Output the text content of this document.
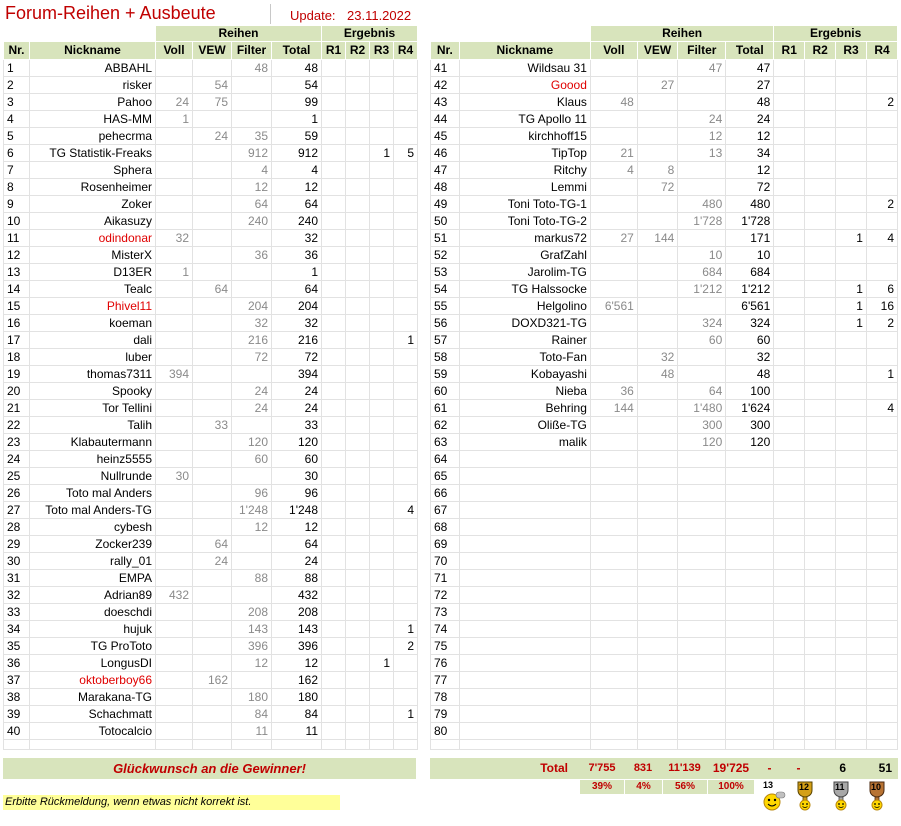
Forum-Reihen + Ausbeute	Update: 23.11.2022
		Reihen				Ergebnis			
Nr.	Nickname	Voll	VEW	Filter	Total	R1	R2	R3	R4
1	ABBAHL			48	48				
2	risker		54		54				
3	Pahoo	24	75		99				
4	HAS-MM	1			1				
5	pehecrma		24	35	59				
6	TG Statistik-Freaks			912	912			1	5
7	Sphera			4	4				
8	Rosenheimer			12	12				
9	Zoker			64	64				
10	Aikasuzy			240	240				
11	odindonar	32			32				
12	MisterX			36	36				
13	D13ER	1			1				
14	Tealc		64		64				
15	Phivel11			204	204				
16	koeman			32	32				
17	dali			216	216				1
18	luber			72	72				
19	thomas7311	394			394				
20	Spooky			24	24				
21	Tor Tellini			24	24				
22	Talih		33		33				
23	Klabautermann			120	120				
24	heinz5555			60	60				
25	Nullrunde	30			30				
26	Toto mal Anders			96	96				
27	Toto mal Anders-TG			1'248	1'248				4
28	cybesh			12	12				
29	Zocker239		64		64				
30	rally_01		24		24				
31	EMPA			88	88				
32	Adrian89	432			432				
33	doeschdi			208	208				
34	hujuk			143	143				1
35	TG ProToto			396	396				2
36	LongusDI			12	12			1	
37	oktoberboy66		162		162				
38	Marakana-TG			180	180				
39	Schachmatt			84	84				1
40	Totocalcio			11	11				

		Reihen				Ergebnis			
Nr.	Nickname	Voll	VEW	Filter	Total	R1	R2	R3	R4
41	Wildsau 31			47	47				
42	Goood		27		27				
43	Klaus	48			48				2
44	TG Apollo 11			24	24				
45	kirchhoff15			12	12				
46	TipTop	21		13	34				
47	Ritchy	4	8		12				
48	Lemmi		72		72				
49	Toni Toto-TG-1			480	480				2
50	Toni Toto-TG-2			1'728	1'728				
51	markus72	27	144		171			1	4
52	GrafZahl			10	10				
53	Jarolim-TG			684	684				
54	TG Halssocke			1'212	1'212			1	6
55	Helgolino	6'561			6'561			1	16
56	DOXD321-TG			324	324			1	2
57	Rainer			60	60				
58	Toto-Fan		32		32				
59	Kobayashi		48		48				1
60	Nieba	36		64	100				
61	Behring	144		1'480	1'624				4
62	Oliße-TG			300	300				
63	malik			120	120				
64									
65									
66									
67									
68									
69									
70									
71									
72									
73									
74									
75									
76									
77									
78									
79									
80									

Glückwunsch an die Gewinner!	Total	7'755	831	11'139	19'725	-	-	6	51
39%	4%	56%	100%
Erbitte Rückmeldung, wenn etwas nicht korrekt ist.
13	12	11	10
